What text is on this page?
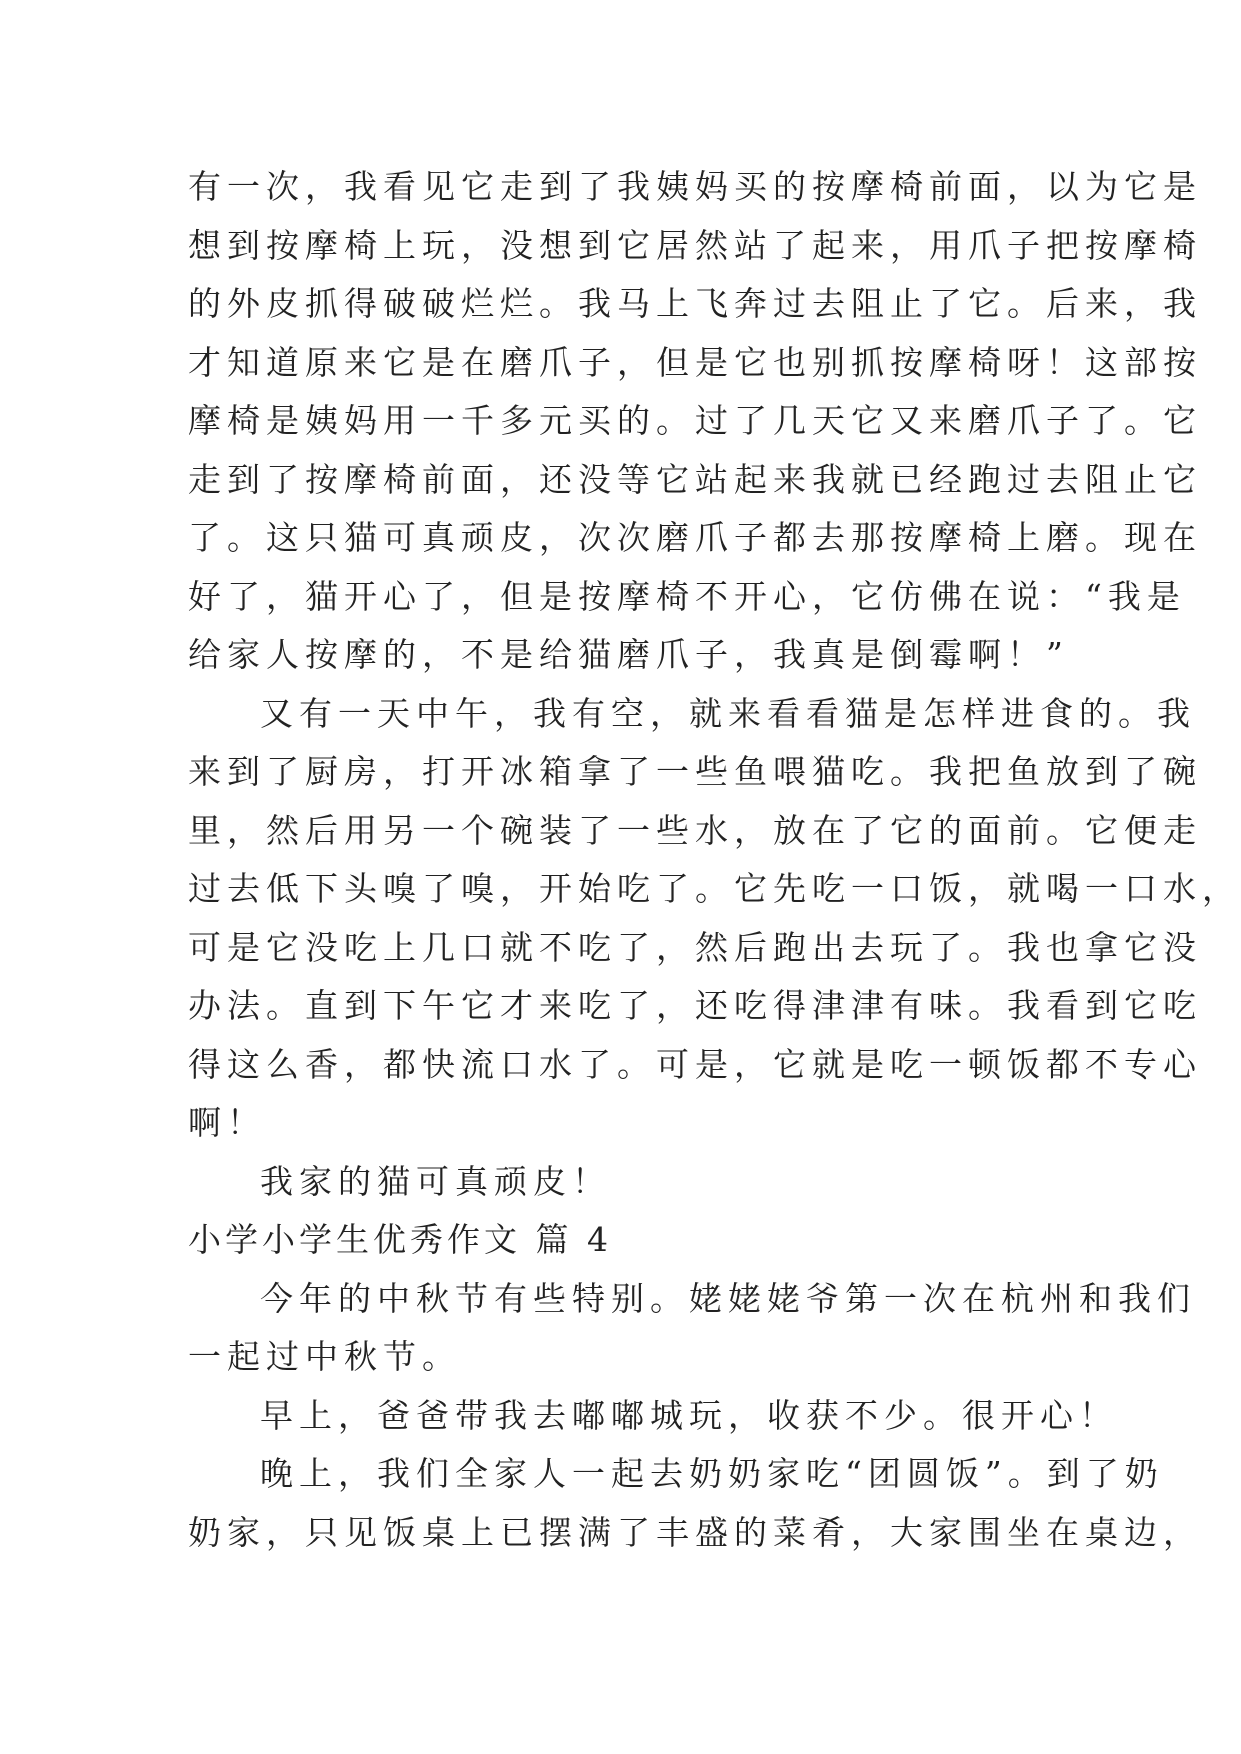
有一次，我看见它走到了我姨妈买的按摩椅前面，以为它是
想到按摩椅上玩，没想到它居然站了起来，用爪子把按摩椅
的外皮抓得破破烂烂。我马上飞奔过去阻止了它。后来，我
才知道原来它是在磨爪子，但是它也别抓按摩椅呀！这部按
摩椅是姨妈用一千多元买的。过了几天它又来磨爪子了。它
走到了按摩椅前面，还没等它站起来我就已经跑过去阻止它
了。这只猫可真顽皮，次次磨爪子都去那按摩椅上磨。现在
好了，猫开心了，但是按摩椅不开心，它仿佛在说：“我是
给家人按摩的，不是给猫磨爪子，我真是倒霉啊！”
又有一天中午，我有空，就来看看猫是怎样进食的。我
来到了厨房，打开冰箱拿了一些鱼喂猫吃。我把鱼放到了碗
里，然后用另一个碗装了一些水，放在了它的面前。它便走
过去低下头嗅了嗅，开始吃了。它先吃一口饭，就喝一口水，
可是它没吃上几口就不吃了，然后跑出去玩了。我也拿它没
办法。直到下午它才来吃了，还吃得津津有味。我看到它吃
得这么香，都快流口水了。可是，它就是吃一顿饭都不专心
啊！
我家的猫可真顽皮！
小学小学生优秀作文 篇 4
今年的中秋节有些特别。姥姥姥爷第一次在杭州和我们
一起过中秋节。
早上，爸爸带我去嘟嘟城玩，收获不少。很开心！
晚上，我们全家人一起去奶奶家吃“团圆饭”。到了奶
奶家，只见饭桌上已摆满了丰盛的菜肴，大家围坐在桌边，
